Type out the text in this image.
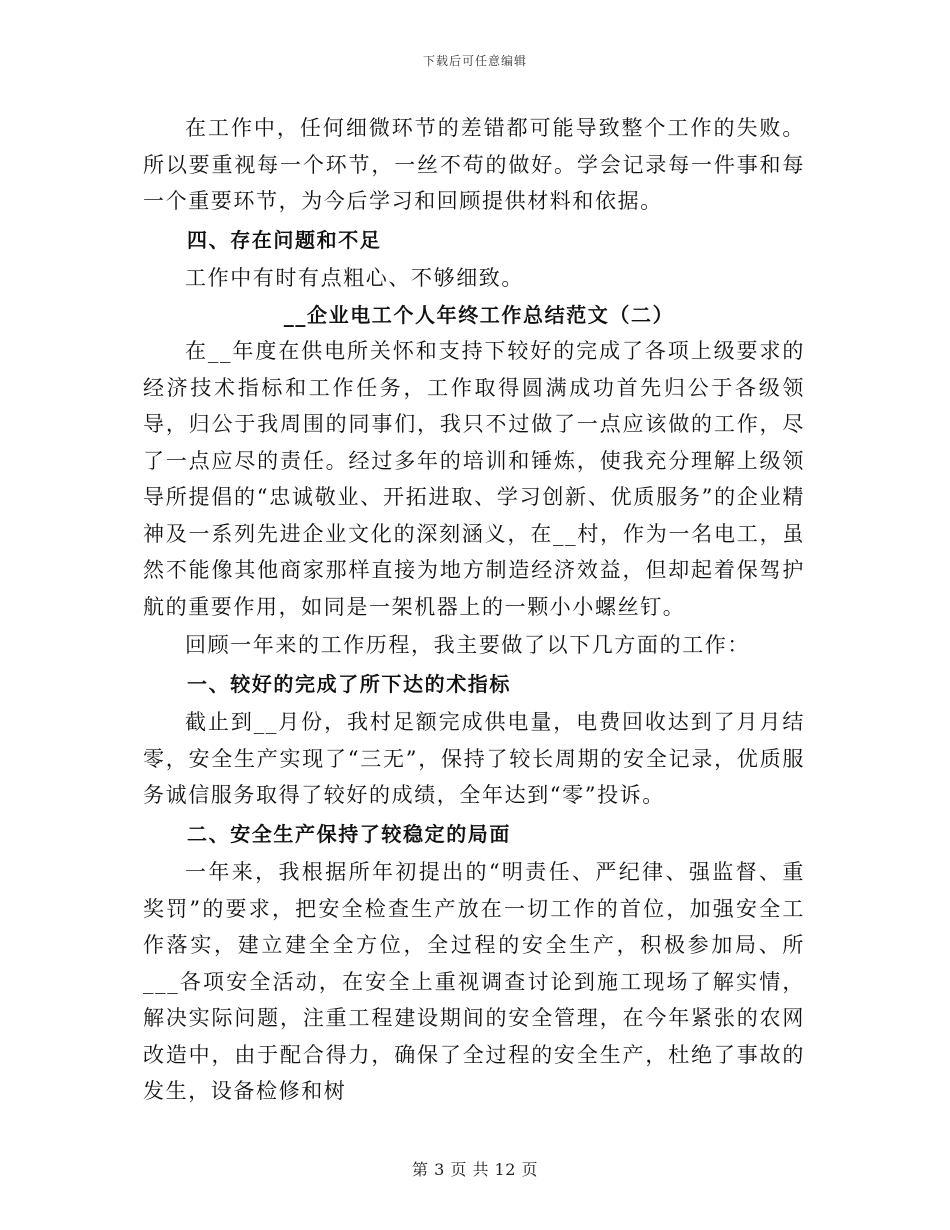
下载后可任意编辑

在工作中，任何细微环节的差错都可能导致整个工作的失败。所以要重视每一个环节，一丝不苟的做好。学会记录每一件事和每一个重要环节，为今后学习和回顾提供材料和依据。

四、存在问题和不足

工作中有时有点粗心、不够细致。

__企业电工个人年终工作总结范文（二）

在__年度在供电所关怀和支持下较好的完成了各项上级要求的经济技术指标和工作任务，工作取得圆满成功首先归公于各级领导，归公于我周围的同事们，我只不过做了一点应该做的工作，尽了一点应尽的责任。经过多年的培训和锤炼，使我充分理解上级领导所提倡的“忠诚敬业、开拓进取、学习创新、优质服务”的企业精神及一系列先进企业文化的深刻涵义，在__村，作为一名电工，虽然不能像其他商家那样直接为地方制造经济效益，但却起着保驾护航的重要作用，如同是一架机器上的一颗小小螺丝钉。

回顾一年来的工作历程，我主要做了以下几方面的工作：

一、较好的完成了所下达的术指标

截止到__月份，我村足额完成供电量，电费回收达到了月月结零，安全生产实现了“三无”，保持了较长周期的安全记录，优质服务诚信服务取得了较好的成绩，全年达到“零”投诉。

二、安全生产保持了较稳定的局面

一年来，我根据所年初提出的“明责任、严纪律、强监督、重奖罚”的要求，把安全检查生产放在一切工作的首位，加强安全工作落实，建立建全全方位，全过程的安全生产，积极参加局、所___各项安全活动，在安全上重视调查讨论到施工现场了解实情，解决实际问题，注重工程建设期间的安全管理，在今年紧张的农网改造中，由于配合得力，确保了全过程的安全生产，杜绝了事故的发生，设备检修和树

第 3 页 共 12 页
